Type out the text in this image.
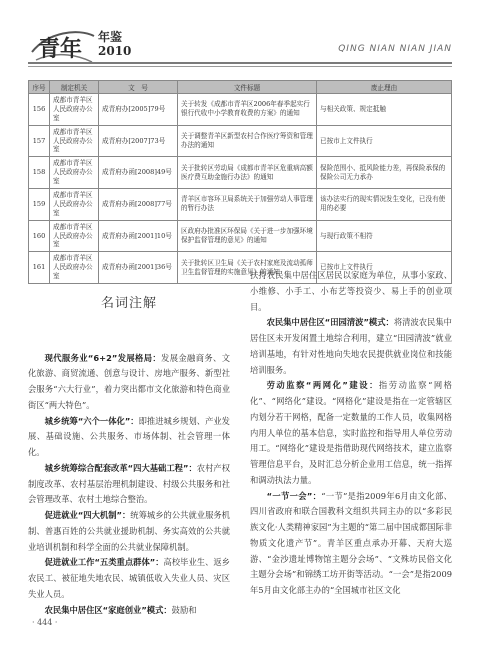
青年 年鉴
2010	QING NIAN NIAN JIAN
序号	制定机关	文　号	文件标题	废止理由
156	成都市青羊区人民政府办公室	成青府办[2005]79号	关于转发《成都市青羊区2006年春季起实行银行代收中小学教育收费的方案》的通知	与相关政策、规定抵触
157	成都市青羊区人民政府办公室	成青府办[2007]73号	关于调整青羊区新型农村合作医疗筹资和管理办法的通知	已按市上文件执行
158	成都市青羊区人民政府办公室	成青府办函[2008]49号	关于批转区劳动局《成都市青羊区危重病高额医疗费互助金施行办法》的通知	保险范围小、抵风险能力差，再保险承保的保险公司无力承办
159	成都市青羊区人民政府办公室	成青府办函[2008]77号	青羊区市容环卫局系统关于加强劳动人事管理的暂行办法	该办法实行的现实情况发生变化，已没有使用的必要
160	成都市青羊区人民政府办公室	成青府办函[2001]10号	区政府办批准区环保局《关于进一步加强环境保护监督管理的意见》的通知	与现行政策不相符
161	成都市青羊区人民政府办公室	成青府办函[2001]36号	关于批转区卫生局《关于农村家庭及流动孤师卫生监督管理的实施意见》的通知	已按市上文件执行
名词注解

现代服务业“6+2”发展格局：发展金融商务、文化旅游、商贸流通、创意与设计、房地产服务、新型社会服务“六大行业”，着力突出都市文化旅游和特色商业街区“两大特色”。

城乡统筹“六个一体化”：即推进城乡规划、产业发展、基础设施、公共服务、市场体制、社会管理一体化。

城乡统筹综合配套改革“四大基础工程”：农村产权制度改革、农村基层治理机制建设、村级公共服务和社会管理改革、农村土地综合整治。

促进就业“四大机制”：统筹城乡的公共就业服务机制、普惠百姓的公共就业援助机制、务实高效的公共就业培训机制和科学全面的公共就业保障机制。

促进就业工作“五类重点群体”：高校毕业生、返乡农民工、被征地失地农民、城镇低收入失业人员、灾区失业人员。

农民集中居住区“家庭创业”模式：鼓励和

扶持农民集中居住区居民以家庭为单位，从事小家政、小维修、小手工、小布艺等投资少、易上手的创业项目。

农民集中居住区“田园清波”模式：将清波农民集中居住区未开发闲置土地综合利用，建立“田园清波”就业培训基地，有针对性地向失地农民提供就业岗位和技能培训服务。

劳动监察“两网化”建设：指劳动监察“网格化”、“网络化”建设。“网格化”建设是指在一定管辖区内划分若干网格，配备一定数量的工作人员，收集网格内用人单位的基本信息，实时监控和指导用人单位劳动用工。“网络化”建设是指借助现代网络技术，建立监察管理信息平台，及时汇总分析企业用工信息，统一指挥和调动执法力量。

“一节一会”：“一节”是指2009年6月由文化部、四川省政府和联合国教科文组织共同主办的以“多彩民族文化·人类精神家园”为主题的“第二届中国成都国际非物质文化遗产节”。青羊区重点承办开幕、天府大巡游、“金沙遗址博物馆主题分会场”、“文殊坊民俗文化主题分会场”和锦绣工坊开街等活动。“一会”是指2009年5月由文化部主办的“全国城市社区文化

· 444 ·
